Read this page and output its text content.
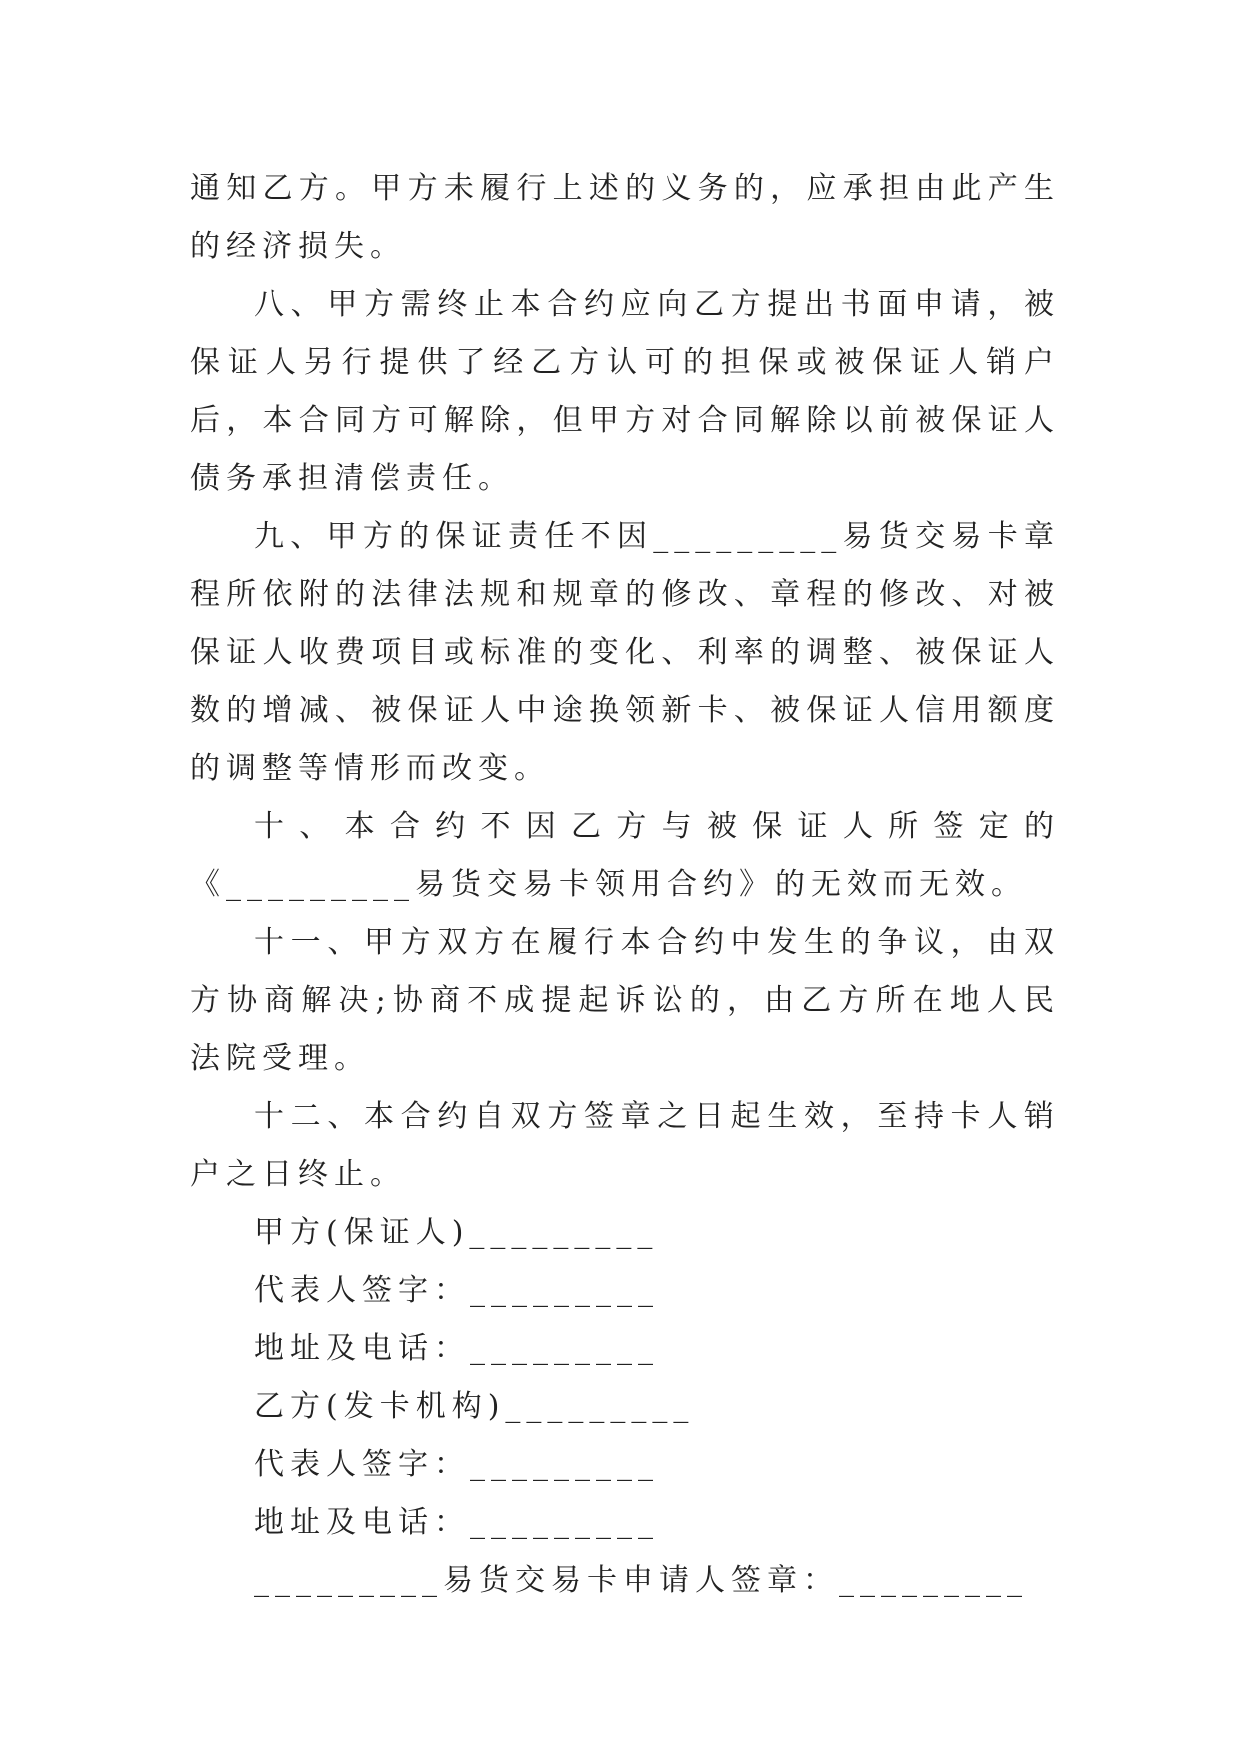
通知乙方。甲方未履行上述的义务的，应承担由此产生的经济损失。

八、甲方需终止本合约应向乙方提出书面申请，被保证人另行提供了经乙方认可的担保或被保证人销户后，本合同方可解除，但甲方对合同解除以前被保证人债务承担清偿责任。

九、甲方的保证责任不因_________易货交易卡章程所依附的法律法规和规章的修改、章程的修改、对被保证人收费项目或标准的变化、利率的调整、被保证人数的增减、被保证人中途换领新卡、被保证人信用额度的调整等情形而改变。

十、本合约不因乙方与被保证人所签定的《_________易货交易卡领用合约》的无效而无效。

十一、甲方双方在履行本合约中发生的争议，由双方协商解决;协商不成提起诉讼的，由乙方所在地人民法院受理。

十二、本合约自双方签章之日起生效，至持卡人销户之日终止。

甲方(保证人)_________

代表人签字：_________

地址及电话：_________

乙方(发卡机构)_________

代表人签字：_________

地址及电话：_________

_________易货交易卡申请人签章：_________
